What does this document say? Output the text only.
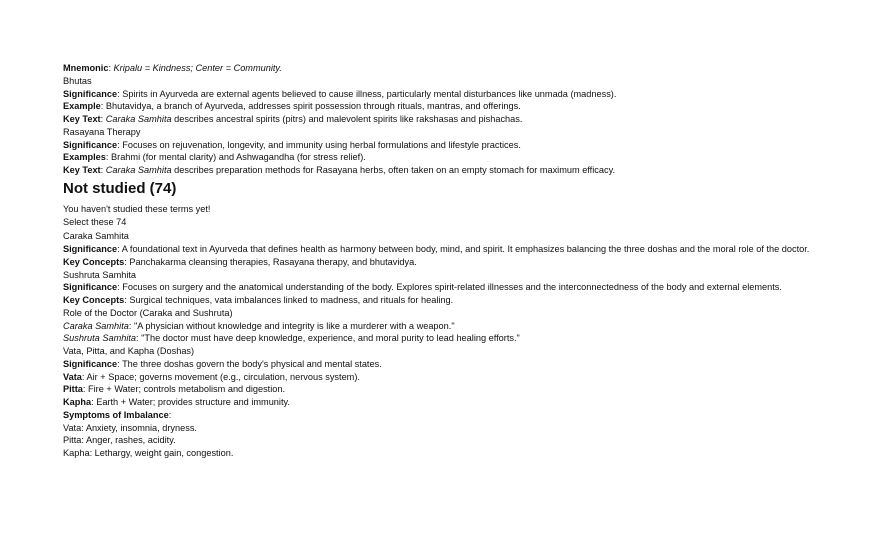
Mnemonic: Kripalu = Kindness; Center = Community.
Bhutas
Significance: Spirits in Ayurveda are external agents believed to cause illness, particularly mental disturbances like unmada (madness).
Example: Bhutavidya, a branch of Ayurveda, addresses spirit possession through rituals, mantras, and offerings.
Key Text: Caraka Samhita describes ancestral spirits (pitrs) and malevolent spirits like rakshasas and pishachas.
Rasayana Therapy
Significance: Focuses on rejuvenation, longevity, and immunity using herbal formulations and lifestyle practices.
Examples: Brahmi (for mental clarity) and Ashwagandha (for stress relief).
Key Text: Caraka Samhita describes preparation methods for Rasayana herbs, often taken on an empty stomach for maximum efficacy.
Not studied (74)
You haven't studied these terms yet!
Select these 74
Caraka Samhita
Significance: A foundational text in Ayurveda that defines health as harmony between body, mind, and spirit. It emphasizes balancing the three doshas and the moral role of the doctor.
Key Concepts: Panchakarma cleansing therapies, Rasayana therapy, and bhutavidya.
Sushruta Samhita
Significance: Focuses on surgery and the anatomical understanding of the body. Explores spirit-related illnesses and the interconnectedness of the body and external elements.
Key Concepts: Surgical techniques, vata imbalances linked to madness, and rituals for healing.
Role of the Doctor (Caraka and Sushruta)
Caraka Samhita: "A physician without knowledge and integrity is like a murderer with a weapon."
Sushruta Samhita: "The doctor must have deep knowledge, experience, and moral purity to lead healing efforts."
Vata, Pitta, and Kapha (Doshas)
Significance: The three doshas govern the body's physical and mental states.
Vata: Air + Space; governs movement (e.g., circulation, nervous system).
Pitta: Fire + Water; controls metabolism and digestion.
Kapha: Earth + Water; provides structure and immunity.
Symptoms of Imbalance:
Vata: Anxiety, insomnia, dryness.
Pitta: Anger, rashes, acidity.
Kapha: Lethargy, weight gain, congestion.
